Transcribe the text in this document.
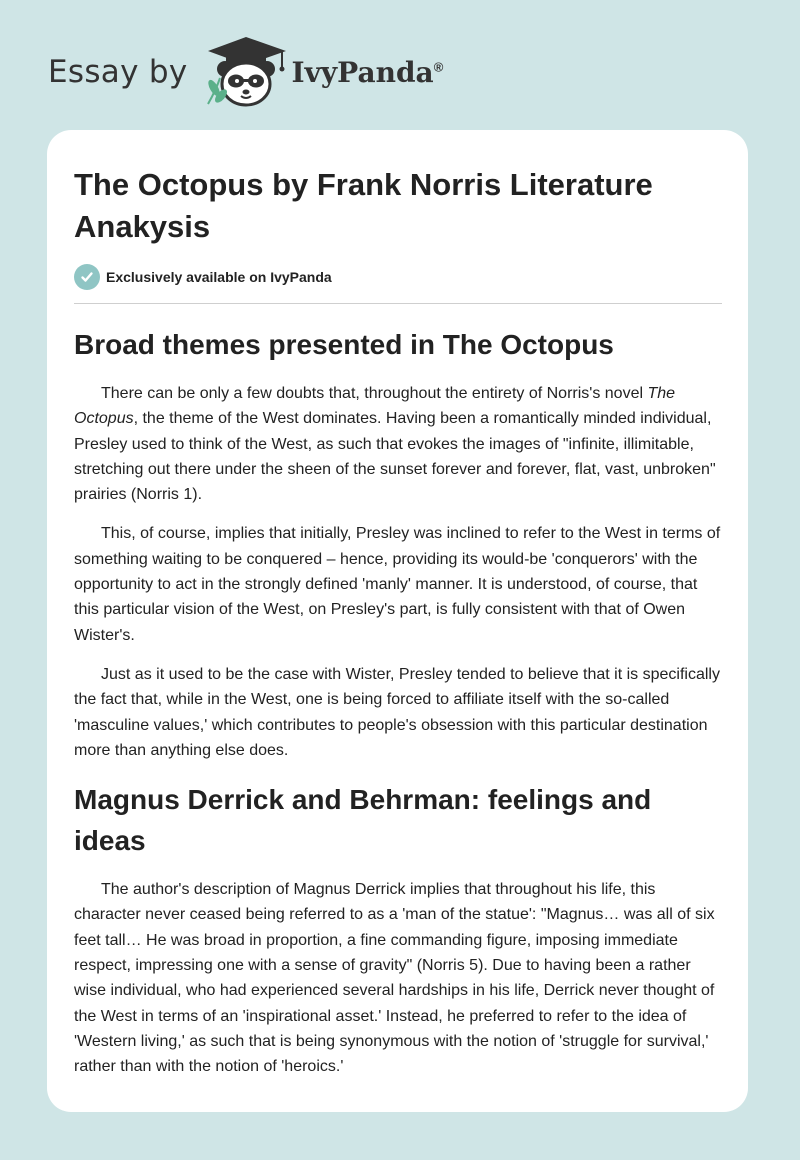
Essay by	IvyPanda®
The Octopus by Frank Norris Literature Anakysis
Exclusively available on IvyPanda
Broad themes presented in The Octopus

There can be only a few doubts that, throughout the entirety of Norris's novel The Octopus, the theme of the West dominates. Having been a romantically minded individual, Presley used to think of the West, as such that evokes the images of "infinite, illimitable, stretching out there under the sheen of the sunset forever and forever, flat, vast, unbroken" prairies (Norris 1).

This, of course, implies that initially, Presley was inclined to refer to the West in terms of something waiting to be conquered – hence, providing its would-be 'conquerors' with the opportunity to act in the strongly defined 'manly' manner. It is understood, of course, that this particular vision of the West, on Presley's part, is fully consistent with that of Owen Wister's.

Just as it used to be the case with Wister, Presley tended to believe that it is specifically the fact that, while in the West, one is being forced to affiliate itself with the so-called 'masculine values,' which contributes to people's obsession with this particular destination more than anything else does.

Magnus Derrick and Behrman: feelings and ideas

The author's description of Magnus Derrick implies that throughout his life, this character never ceased being referred to as a 'man of the statue': "Magnus… was all of six feet tall… He was broad in proportion, a fine commanding figure, imposing immediate respect, impressing one with a sense of gravity" (Norris 5). Due to having been a rather wise individual, who had experienced several hardships in his life, Derrick never thought of the West in terms of an 'inspirational asset.' Instead, he preferred to refer to the idea of 'Western living,' as such that is being synonymous with the notion of 'struggle for survival,' rather than with the notion of 'heroics.'
